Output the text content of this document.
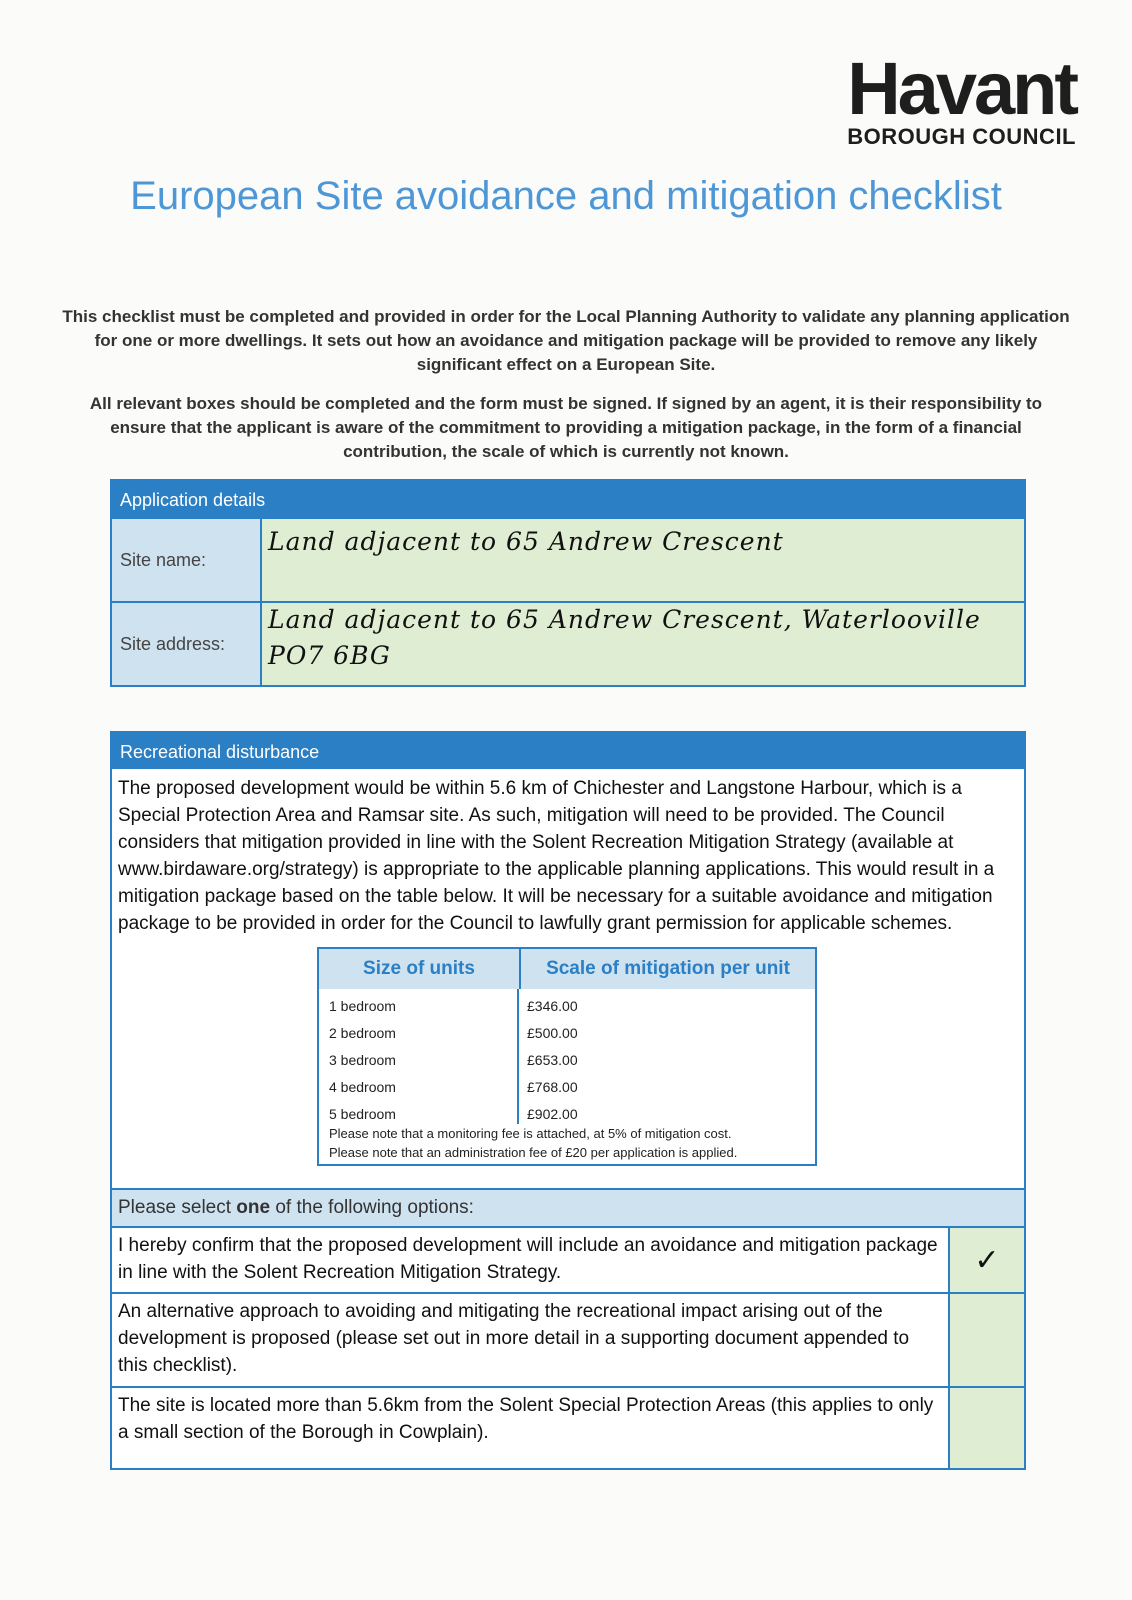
Havant
BOROUGH COUNCIL
European Site avoidance and mitigation checklist

This checklist must be completed and provided in order for the Local Planning Authority to validate any planning application for one or more dwellings. It sets out how an avoidance and mitigation package will be provided to remove any likely significant effect on a European Site.

All relevant boxes should be completed and the form must be signed. If signed by an agent, it is their responsibility to ensure that the applicant is aware of the commitment to providing a mitigation package, in the form of a financial contribution, the scale of which is currently not known.

Application details
Site name:
Land adjacent to 65 Andrew Crescent
Site address:
Land adjacent to 65 Andrew Crescent, Waterlooville
PO7 6BG
Recreational disturbance
The proposed development would be within 5.6 km of Chichester and Langstone Harbour, which is a Special Protection Area and Ramsar site. As such, mitigation will need to be provided. The Council considers that mitigation provided in line with the Solent Recreation Mitigation Strategy (available at www.birdaware.org/strategy) is appropriate to the applicable planning applications. This would result in a mitigation package based on the table below. It will be necessary for a suitable avoidance and mitigation package to be provided in order for the Council to lawfully grant permission for applicable schemes.
Size of units	Scale of mitigation per unit
1 bedroom	£346.00
2 bedroom	£500.00
3 bedroom	£653.00
4 bedroom	£768.00
5 bedroom	£902.00
Please note that a monitoring fee is attached, at 5% of mitigation cost.
Please note that an administration fee of £20 per application is applied.
Please select one of the following options:
I hereby confirm that the proposed development will include an avoidance and mitigation package in line with the Solent Recreation Mitigation Strategy.	✓
An alternative approach to avoiding and mitigating the recreational impact arising out of the development is proposed (please set out in more detail in a supporting document appended to this checklist).
The site is located more than 5.6km from the Solent Special Protection Areas (this applies to only a small section of the Borough in Cowplain).
